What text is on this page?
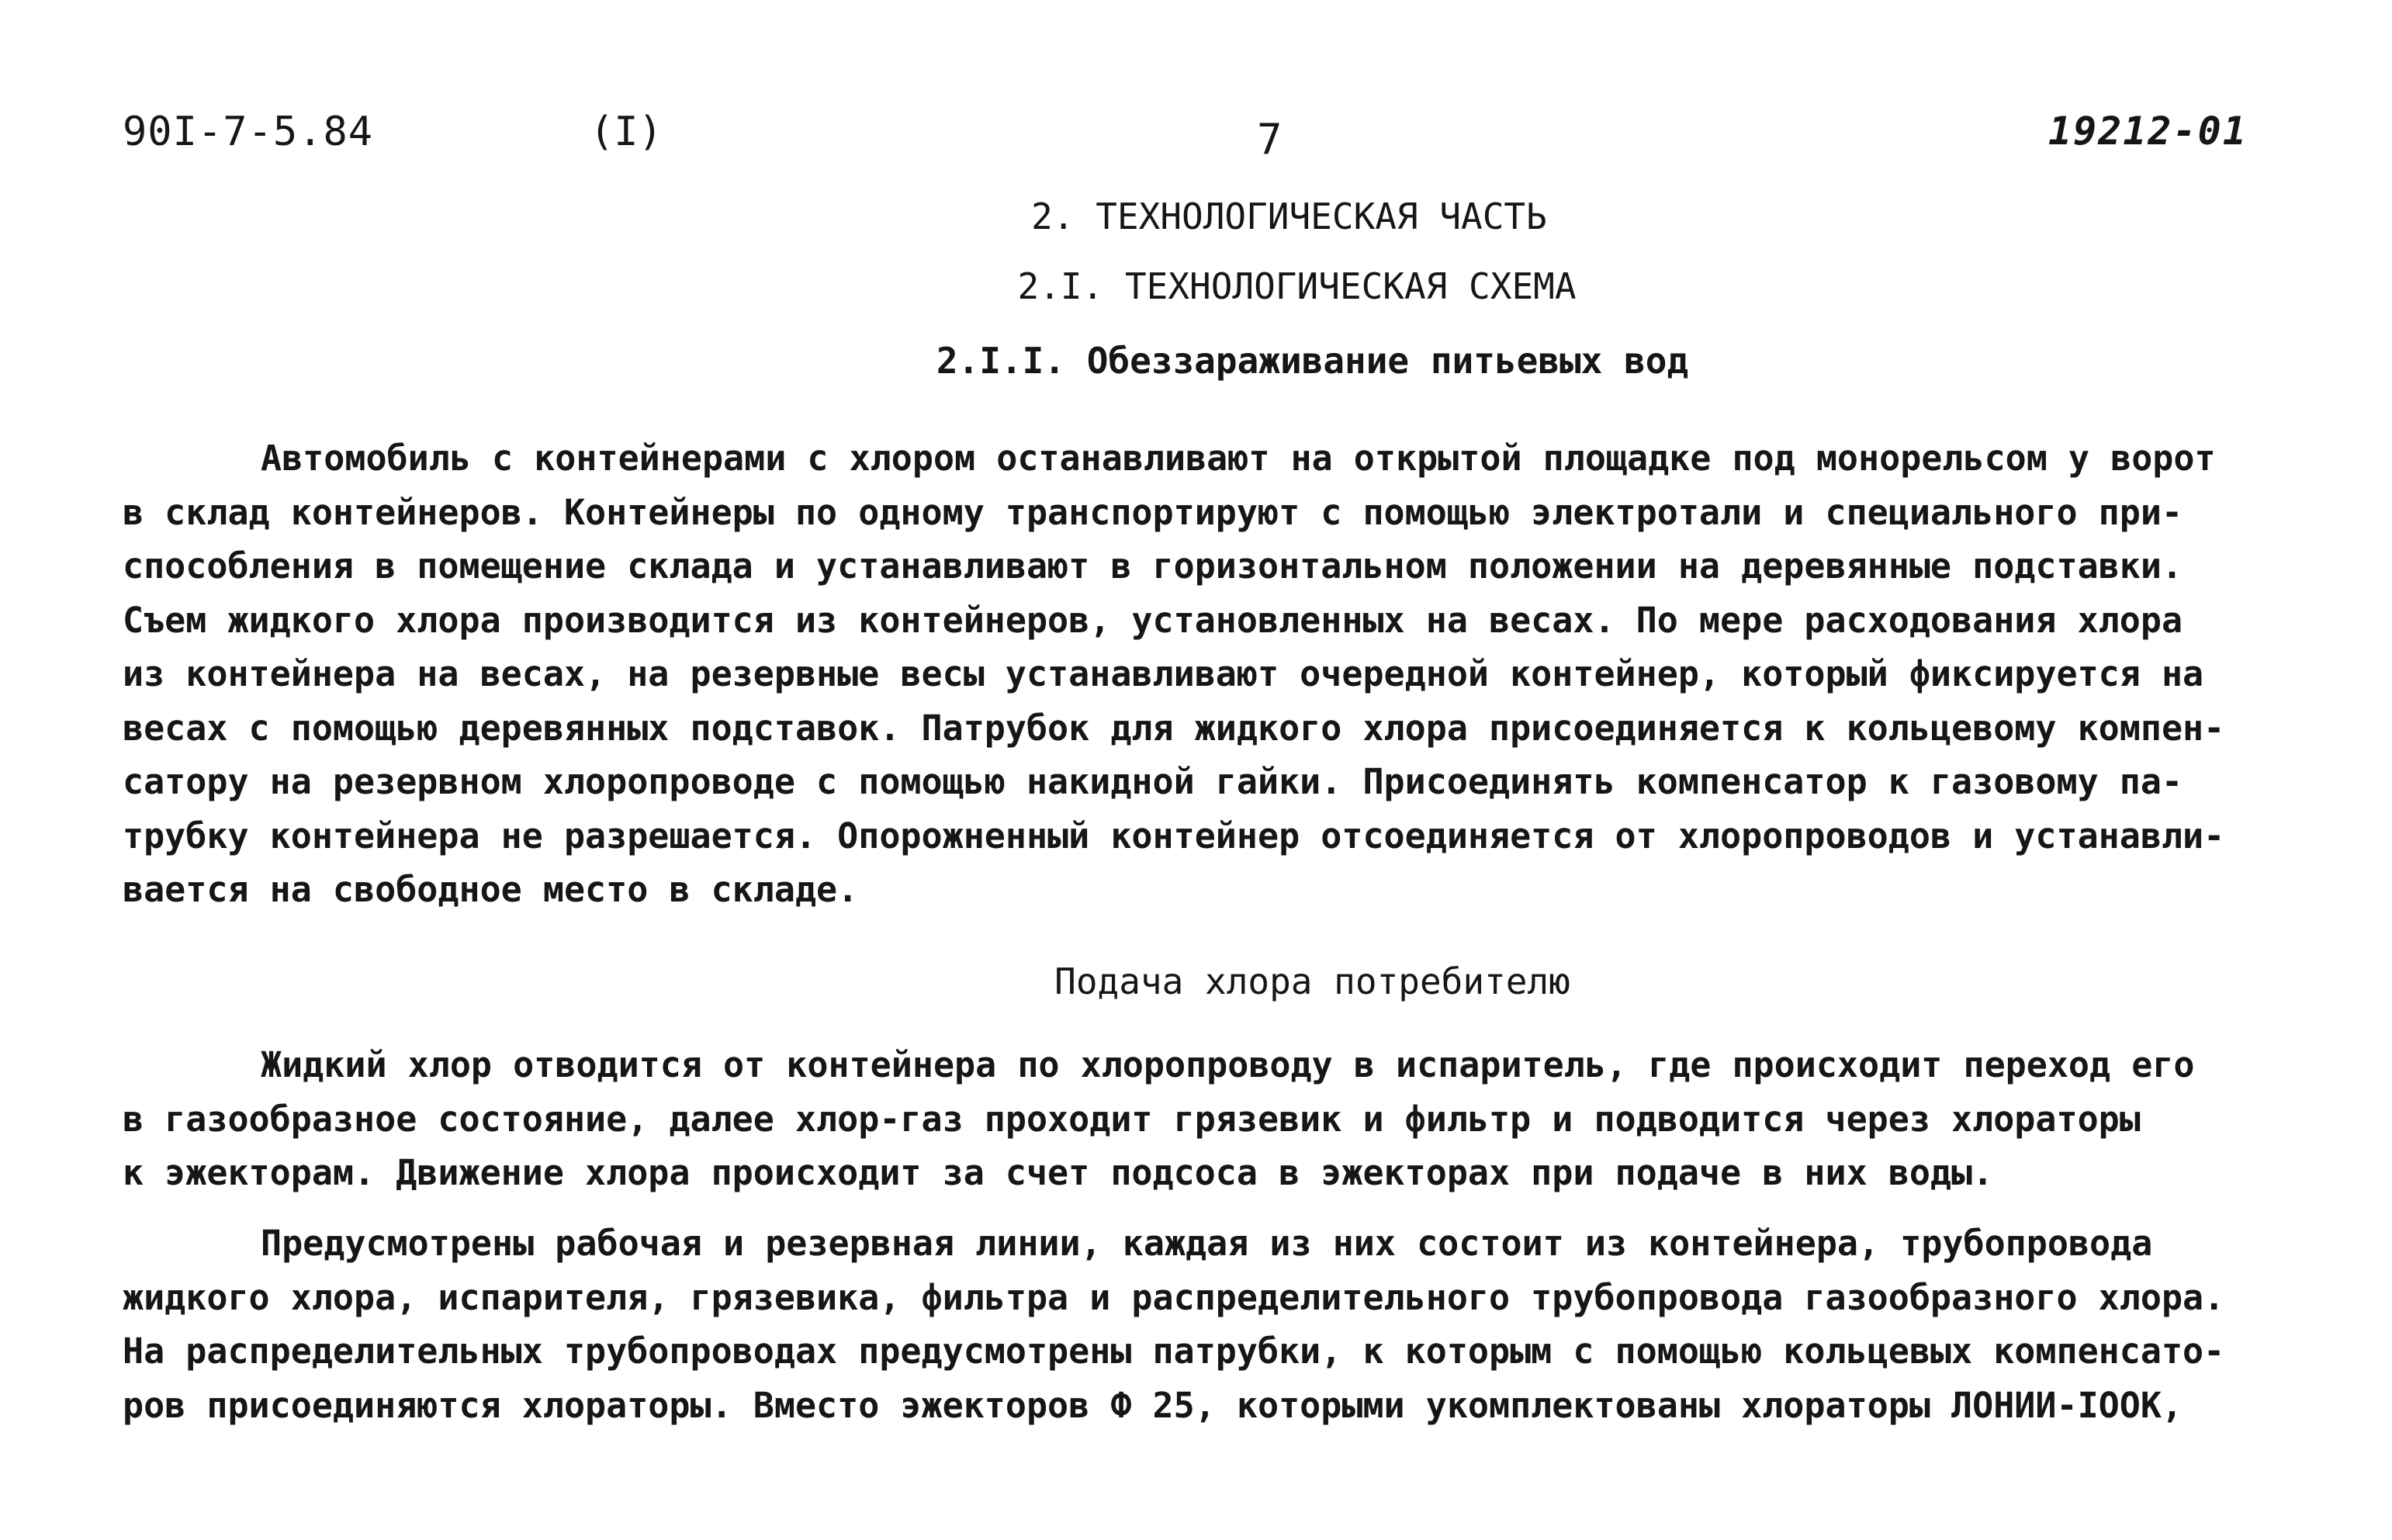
90I-7-5.84	(I)	7	19212-01
2. ТЕХНОЛОГИЧЕСКАЯ ЧАСТЬ
2.I. ТЕХНОЛОГИЧЕСКАЯ СХЕМА
2.I.I. Обеззараживание питьевых вод
Автомобиль с контейнерами с хлором останавливают на открытой площадке под монорельсом у ворот
в склад контейнеров. Контейнеры по одному транспортируют с помощью электротали и специального при-
способления в помещение склада и устанавливают в горизонтальном положении на деревянные подставки.
Съем жидкого хлора производится из контейнеров, установленных на весах. По мере расходования хлора
из контейнера на весах, на резервные весы устанавливают очередной контейнер, который фиксируется на
весах с помощью деревянных подставок. Патрубок для жидкого хлора присоединяется к кольцевому компен-
сатору на резервном хлоропроводе с помощью накидной гайки. Присоединять компенсатор к газовому па-
трубку контейнера не разрешается. Опорожненный контейнер отсоединяется от хлоропроводов и устанавли-
вается на свободное место в складе.
Подача хлора потребителю
Жидкий хлор отводится от контейнера по хлоропроводу в испаритель, где происходит переход его
в газообразное состояние, далее хлор-газ проходит грязевик и фильтр и подводится через хлораторы
к эжекторам. Движение хлора происходит за счет подсоса в эжекторах при подаче в них воды.
Предусмотрены рабочая и резервная линии, каждая из них состоит из контейнера, трубопровода
жидкого хлора, испарителя, грязевика, фильтра и распределительного трубопровода газообразного хлора.
На распределительных трубопроводах предусмотрены патрубки, к которым с помощью кольцевых компенсато-
ров присоединяются хлораторы. Вместо эжекторов Ф 25, которыми укомплектованы хлораторы ЛОНИИ-IOOK,
